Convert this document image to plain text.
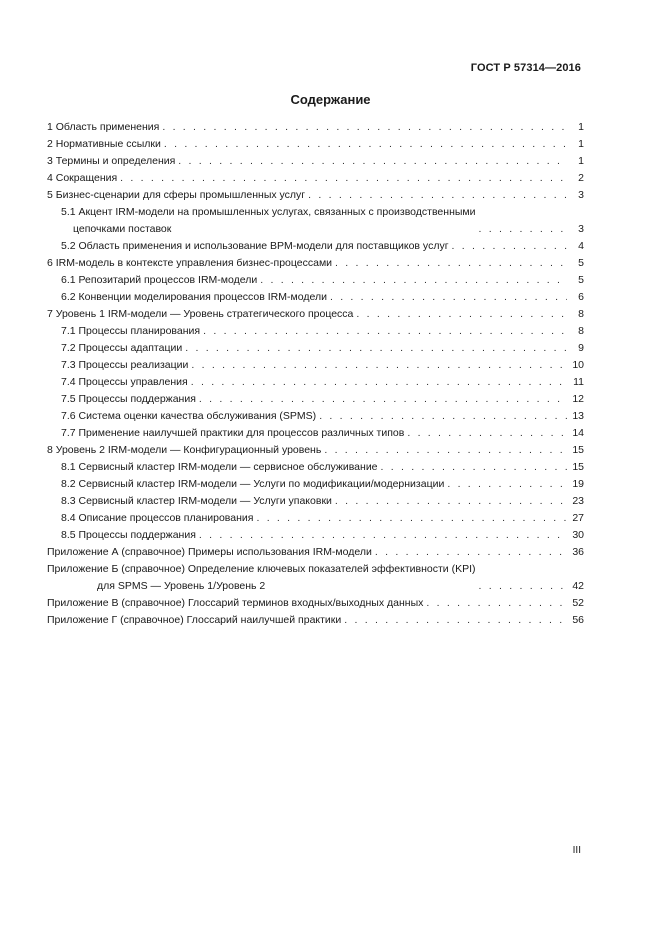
ГОСТ Р 57314—2016
Содержание
1 Область применения . . .	1
2 Нормативные ссылки . . .	1
3 Термины и определения . . .	1
4 Сокращения . . .	2
5 Бизнес-сценарии для сферы промышленных услуг . . .	3
5.1 Акцент IRM-модели на промышленных услугах, связанных с производственными
цепочками поставок . . .	3
5.2 Область применения и использование BPM-модели для поставщиков услуг . . .	4
6 IRM-модель в контексте управления бизнес-процессами . . .	5
6.1 Репозитарий процессов IRM-модели . . .	5
6.2 Конвенции моделирования процессов IRM-модели . . .	6
7 Уровень 1 IRM-модели — Уровень стратегического процесса . . .	8
7.1 Процессы планирования . . .	8
7.2 Процессы адаптации . . .	9
7.3 Процессы реализации . . .	10
7.4 Процессы управления . . .	11
7.5 Процессы поддержания . . .	12
7.6 Система оценки качества обслуживания (SPMS) . . .	13
7.7 Применение наилучшей практики для процессов различных типов . . .	14
8 Уровень 2 IRM-модели — Конфигурационный уровень . . .	15
8.1 Сервисный кластер IRM-модели — сервисное обслуживание . . .	15
8.2 Сервисный кластер IRM-модели — Услуги по модификации/модернизации . . .	19
8.3 Сервисный кластер IRM-модели — Услуги упаковки . . .	23
8.4 Описание процессов планирования . . .	27
8.5 Процессы поддержания . . .	30
Приложение А (справочное) Примеры использования IRM-модели . . .	36
Приложение Б (справочное) Определение ключевых показателей эффективности (KPI)
для SPMS — Уровень 1/Уровень 2 . . .	42
Приложение В (справочное) Глоссарий терминов входных/выходных данных . . .	52
Приложение Г (справочное) Глоссарий наилучшей практики . . .	56
III
